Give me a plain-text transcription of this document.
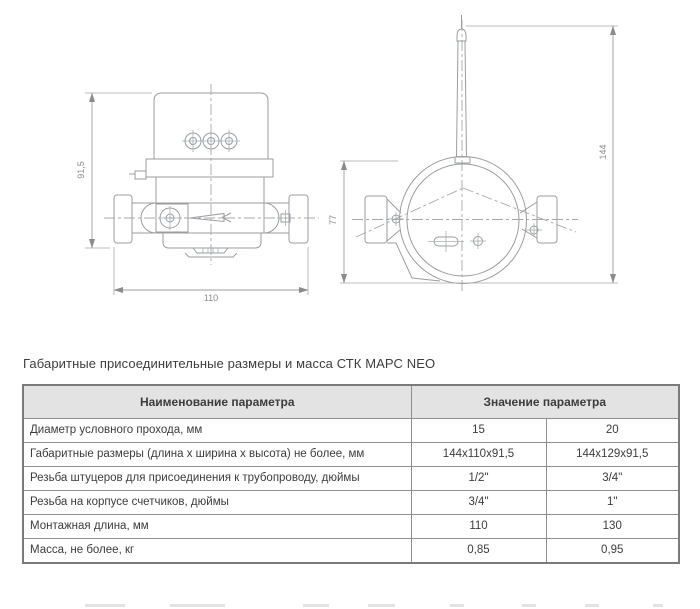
91,5
110
77
144
Габаритные присоединительные размеры и масса СТК МАРС NEO
Наименование параметра	Значение параметра	
Диаметр условного прохода, мм	15	20
Габаритные размеры (длина х ширина х высота) не более, мм	144х110х91,5	144х129х91,5
Резьба штуцеров для присоединения к трубопроводу, дюймы	1/2"	3/4"
Резьба на корпусе счетчиков, дюймы	3/4"	1"
Монтажная длина, мм	110	130
Масса, не более, кг	0,85	0,95
